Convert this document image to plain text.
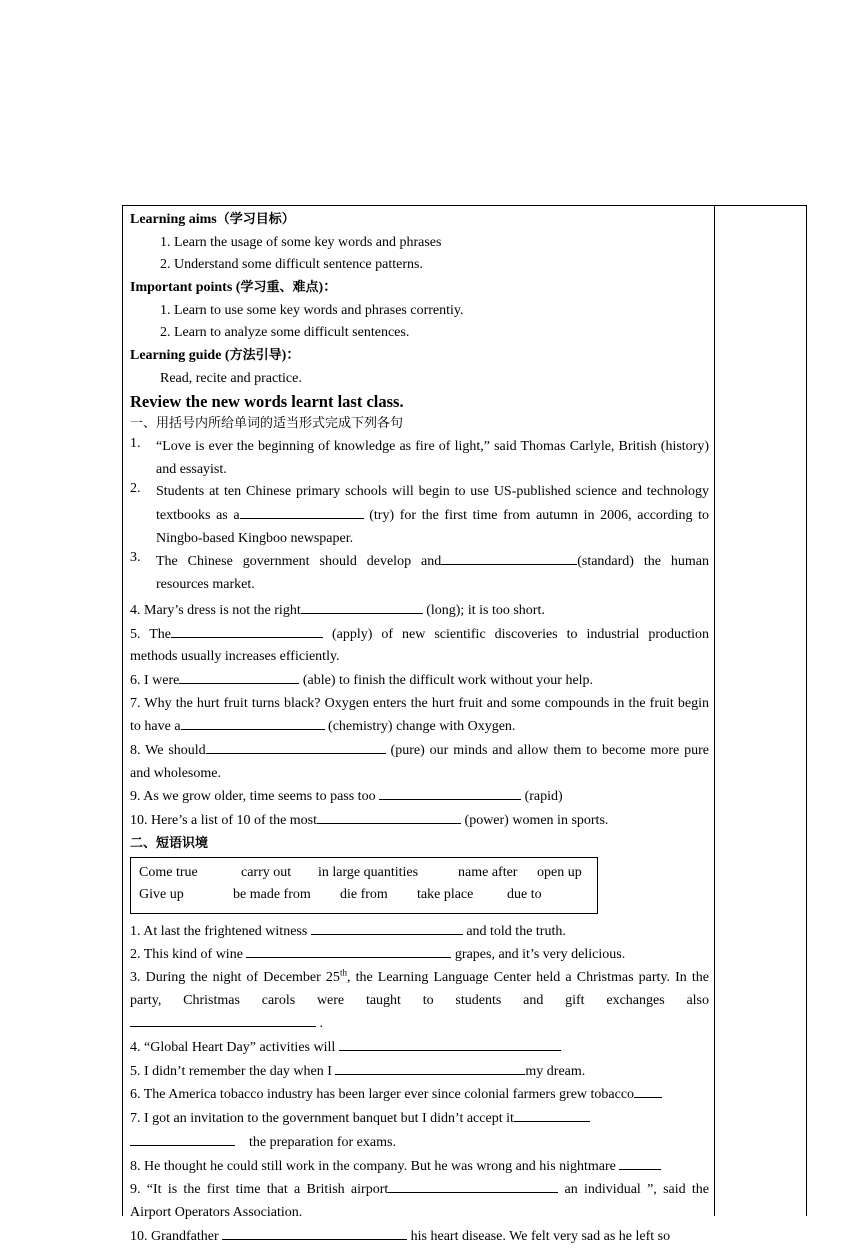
Learning aims（学习目标）
1. Learn the usage of some key words and phrases
2. Understand some difficult sentence patterns.
Important points (学习重、难点)：
1. Learn to use some key words and phrases correntiy.
2. Learn to analyze some difficult sentences.
Learning guide (方法引导)：
Read, recite and practice.
Review the new words learnt last class.
一、用括号内所给单词的适当形式完成下列各句
1.	“Love is ever the beginning of knowledge as fire of light,” said Thomas Carlyle, British (history) and essayist.
2.	Students at ten Chinese primary schools will begin to use US-published science and technology textbooks as a	(try) for the first time from autumn in 2006, according to Ningbo-based Kingboo newspaper.
3.	The Chinese government should develop and	(standard) the human resources market.
4. Mary’s dress is not the right	(long); it is too short.
5. The	(apply) of new scientific discoveries to industrial production methods usually increases efficiently.
6. I were	(able) to finish the difficult work without your help.
7. Why the hurt fruit turns black? Oxygen enters the hurt fruit and some compounds in the fruit begin to have a	(chemistry) change with Oxygen.
8. We should	(pure) our minds and allow them to become more pure and wholesome.
9. As we grow older, time seems to pass too	(rapid)
10. Here’s a list of 10 of the most	(power) women in sports.
二、短语识境
Come true	carry out	in large quantities	name after	open up
Give up	be made from	die from	take place	due to
1. At last the frightened witness	and told the truth.
2. This kind of wine	grapes, and it’s very delicious.
3. During the night of December 25th, the Learning Language Center held a Christmas party. In the party, Christmas carols were taught to students and gift exchanges also .
4. “Global Heart Day” activities will
5. I didn’t remember the day when I	my dream.
6. The America tobacco industry has been larger ever since colonial farmers grew tobacco
7. I got an invitation to the government banquet but I didn’t accept it
the preparation for exams.
8. He thought he could still work in the company. But he was wrong and his nightmare
9. “It is the first time that a British airport	an individual ”, said the Airport Operators Association.
10. Grandfather	his heart disease. We felt very sad as he left so
